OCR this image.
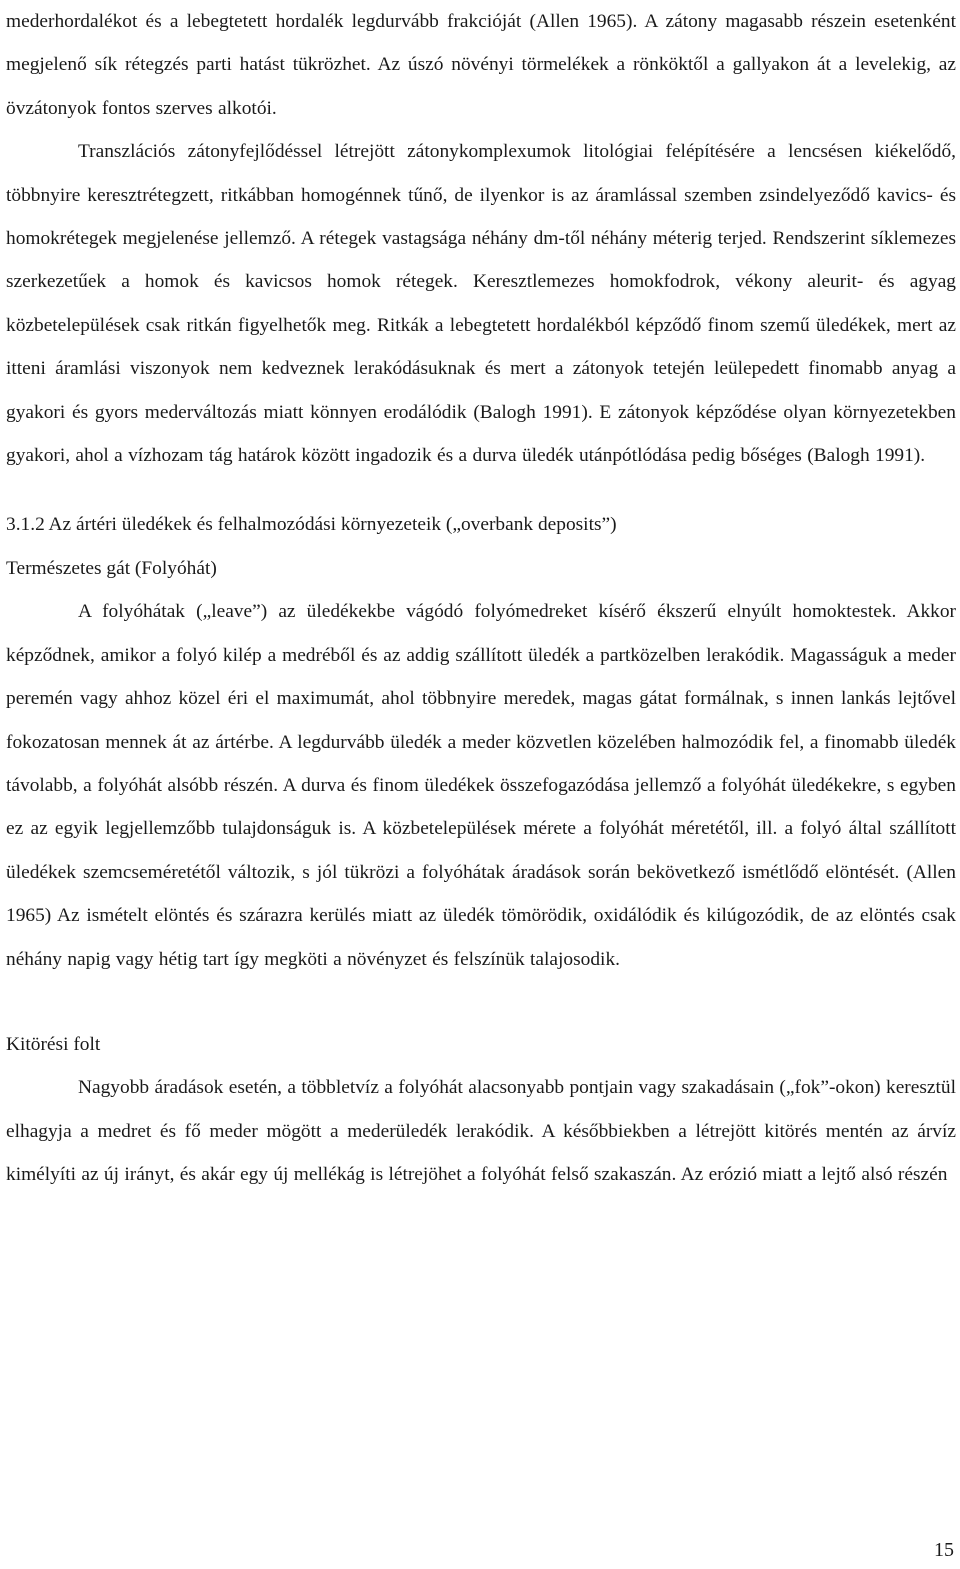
mederhordalékot és a lebegtetett hordalék legdurvább frakcióját (Allen 1965). A zátony magasabb részein esetenként megjelenő sík rétegzés parti hatást tükrözhet. Az úszó növényi törmelékek a rönköktől a gallyakon át a levelekig, az övzátonyok fontos szerves alkotói.

Transzlációs zátonyfejlődéssel létrejött zátonykomplexumok litológiai felépítésére a lencsésen kiékelődő, többnyire keresztrétegzett, ritkábban homogénnek tűnő, de ilyenkor is az áramlással szemben zsindelyeződő kavics- és homokrétegek megjelenése jellemző. A rétegek vastagsága néhány dm-től néhány méterig terjed. Rendszerint síklemezes szerkezetűek a homok és kavicsos homok rétegek. Keresztlemezes homokfodrok, vékony aleurit- és agyag közbetelepülések csak ritkán figyelhetők meg. Ritkák a lebegtetett hordalékból képződő finom szemű üledékek, mert az itteni áramlási viszonyok nem kedveznek lerakódásuknak és mert a zátonyok tetején leülepedett finomabb anyag a gyakori és gyors mederváltozás miatt könnyen erodálódik (Balogh 1991). E zátonyok képződése olyan környezetekben gyakori, ahol a vízhozam tág határok között ingadozik és a durva üledék utánpótlódása pedig bőséges (Balogh 1991).

3.1.2 Az ártéri üledékek és felhalmozódási környezeteik („overbank deposits”)

Természetes gát (Folyóhát)

A folyóhátak („leave”) az üledékekbe vágódó folyómedreket kísérő ékszerű elnyúlt homoktestek. Akkor képződnek, amikor a folyó kilép a medréből és az addig szállított üledék a partközelben lerakódik. Magasságuk a meder peremén vagy ahhoz közel éri el maximumát, ahol többnyire meredek, magas gátat formálnak, s innen lankás lejtővel fokozatosan mennek át az ártérbe. A legdurvább üledék a meder közvetlen közelében halmozódik fel, a finomabb üledék távolabb, a folyóhát alsóbb részén. A durva és finom üledékek összefogazódása jellemző a folyóhát üledékekre, s egyben ez az egyik legjellemzőbb tulajdonságuk is. A közbetelepülések mérete a folyóhát méretétől, ill. a folyó által szállított üledékek szemcseméretétől változik, s jól tükrözi a folyóhátak áradások során bekövetkező ismétlődő elöntését. (Allen 1965) Az ismételt elöntés és szárazra kerülés miatt az üledék tömörödik, oxidálódik és kilúgozódik, de az elöntés csak néhány napig vagy hétig tart így megköti a növényzet és felszínük talajosodik.

Kitörési folt

Nagyobb áradások esetén, a többletvíz a folyóhát alacsonyabb pontjain vagy szakadásain („fok”-okon) keresztül elhagyja a medret és fő meder mögött a mederüledék lerakódik. A későbbiekben a létrejött kitörés mentén az árvíz kimélyíti az új irányt, és akár egy új mellékág is létrejöhet a folyóhát felső szakaszán. Az erózió miatt a lejtő alsó részén

15
